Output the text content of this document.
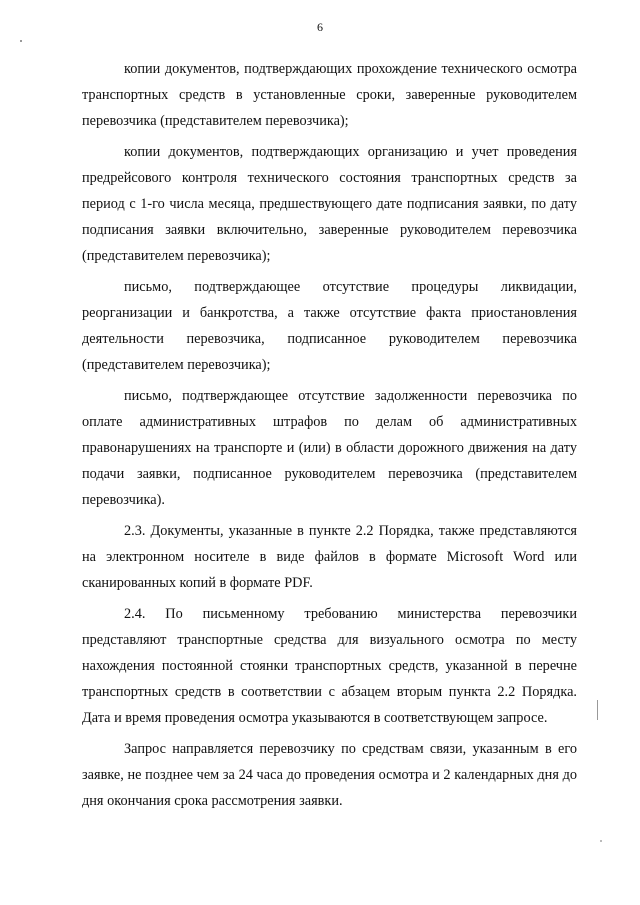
6

копии документов, подтверждающих прохождение технического осмотра транспортных средств в установленные сроки, заверенные руководителем перевозчика (представителем перевозчика);

копии документов, подтверждающих организацию и учет проведения предрейсового контроля технического состояния транспортных средств за период с 1-го числа месяца, предшествующего дате подписания заявки, по дату подписания заявки включительно, заверенные руководителем перевозчика (представителем перевозчика);

письмо, подтверждающее отсутствие процедуры ликвидации, реорганизации и банкротства, а также отсутствие факта приостановления деятельности перевозчика, подписанное руководителем перевозчика (представителем перевозчика);

письмо, подтверждающее отсутствие задолженности перевозчика по оплате административных штрафов по делам об административных правонарушениях на транспорте и (или) в области дорожного движения на дату подачи заявки, подписанное руководителем перевозчика (представителем перевозчика).

2.3. Документы, указанные в пункте 2.2 Порядка, также представляются на электронном носителе в виде файлов в формате Microsoft Word или сканированных копий в формате PDF.

2.4. По письменному требованию министерства перевозчики представляют транспортные средства для визуального осмотра по месту нахождения постоянной стоянки транспортных средств, указанной в перечне транспортных средств в соответствии с абзацем вторым пункта 2.2 Порядка. Дата и время проведения осмотра указываются в соответствующем запросе.

Запрос направляется перевозчику по средствам связи, указанным в его заявке, не позднее чем за 24 часа до проведения осмотра и 2 календарных дня до дня окончания срока рассмотрения заявки.
